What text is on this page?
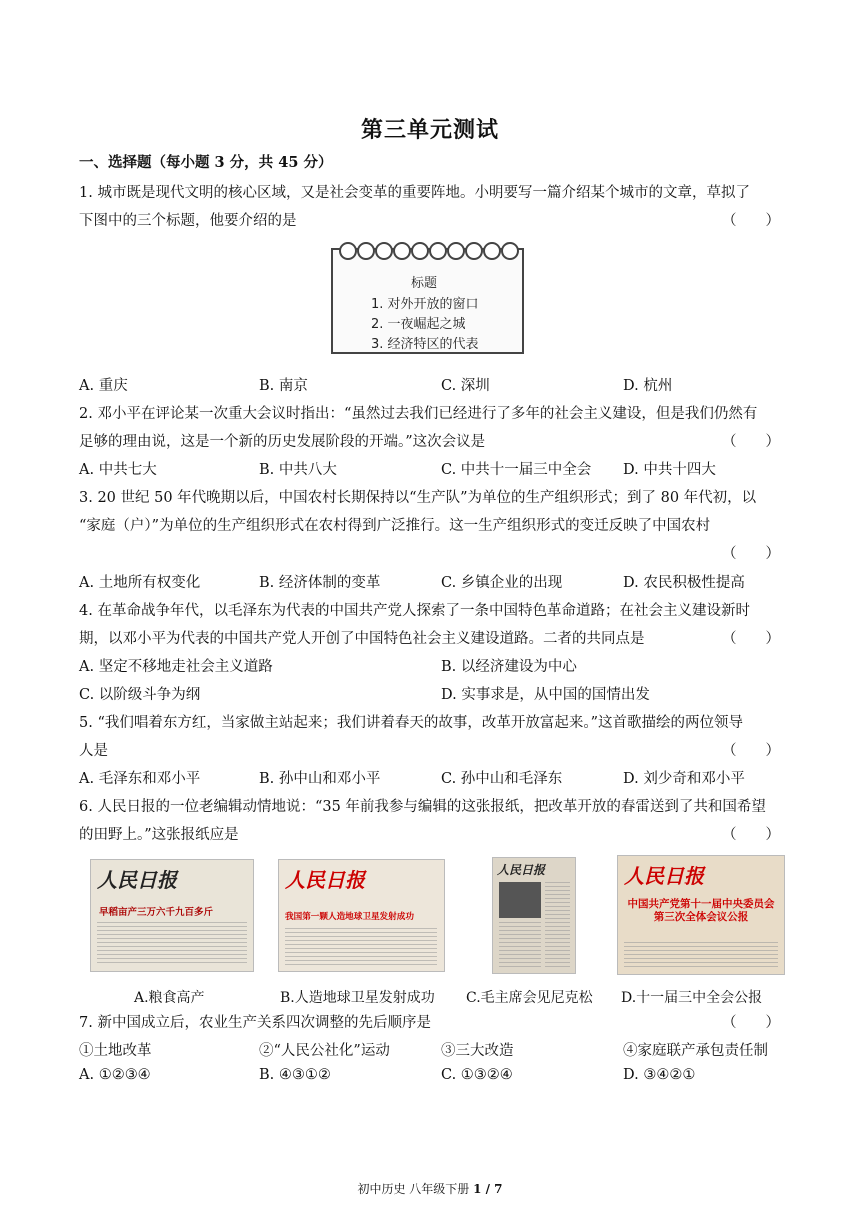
第三单元测试
一、选择题（每小题 3 分，共 45 分）
1. 城市既是现代文明的核心区域，又是社会变革的重要阵地。小明要写一篇介绍某个城市的文章，草拟了
下图中的三个标题，他要介绍的是	（　　）
标题
1. 对外开放的窗口
2. 一夜崛起之城
3. 经济特区的代表
A. 重庆	B. 南京	C. 深圳	D. 杭州
2. 邓小平在评论某一次重大会议时指出：“虽然过去我们已经进行了多年的社会主义建设，但是我们仍然有
足够的理由说，这是一个新的历史发展阶段的开端。”这次会议是	（　　）
A. 中共七大	B. 中共八大	C. 中共十一届三中全会 D. 中共十四大
3. 20 世纪 50 年代晚期以后，中国农村长期保持以“生产队”为单位的生产组织形式；到了 80 年代初，以
“家庭（户）”为单位的生产组织形式在农村得到广泛推行。这一生产组织形式的变迁反映了中国农村
（　　）
A. 土地所有权变化	B. 经济体制的变革	C. 乡镇企业的出现	D. 农民积极性提高
4. 在革命战争年代，以毛泽东为代表的中国共产党人探索了一条中国特色革命道路；在社会主义建设新时
期，以邓小平为代表的中国共产党人开创了中国特色社会主义建设道路。二者的共同点是	（　　）
A. 坚定不移地走社会主义道路	B. 以经济建设为中心
C. 以阶级斗争为纲	D. 实事求是，从中国的国情出发
5. “我们唱着东方红，当家做主站起来；我们讲着春天的故事，改革开放富起来。”这首歌描绘的两位领导
人是	（　　）
A. 毛泽东和邓小平	B. 孙中山和邓小平	C. 孙中山和毛泽东	D. 刘少奇和邓小平
6. 人民日报的一位老编辑动情地说：“35 年前我参与编辑的这张报纸，把改革开放的春雷送到了共和国希望
的田野上。”这张报纸应是	（　　）
人民日报
早稻亩产三万六千九百多斤
人民日报
我国第一颗人造地球卫星发射成功
人民日报	人民日报
中国共产党第十一届中央委员会第三次全体会议公报
A.粮食高产	B.人造地球卫星发射成功 C.毛主席会见尼克松 D.十一届三中全会公报
7. 新中国成立后，农业生产关系四次调整的先后顺序是	（　　）
①土地改革	②“人民公社化”运动	③三大改造	④家庭联产承包责任制
A. ①②③④	B. ④③①②	C. ①③②④	D. ③④②①
初中历史 八年级下册 1 / 7
